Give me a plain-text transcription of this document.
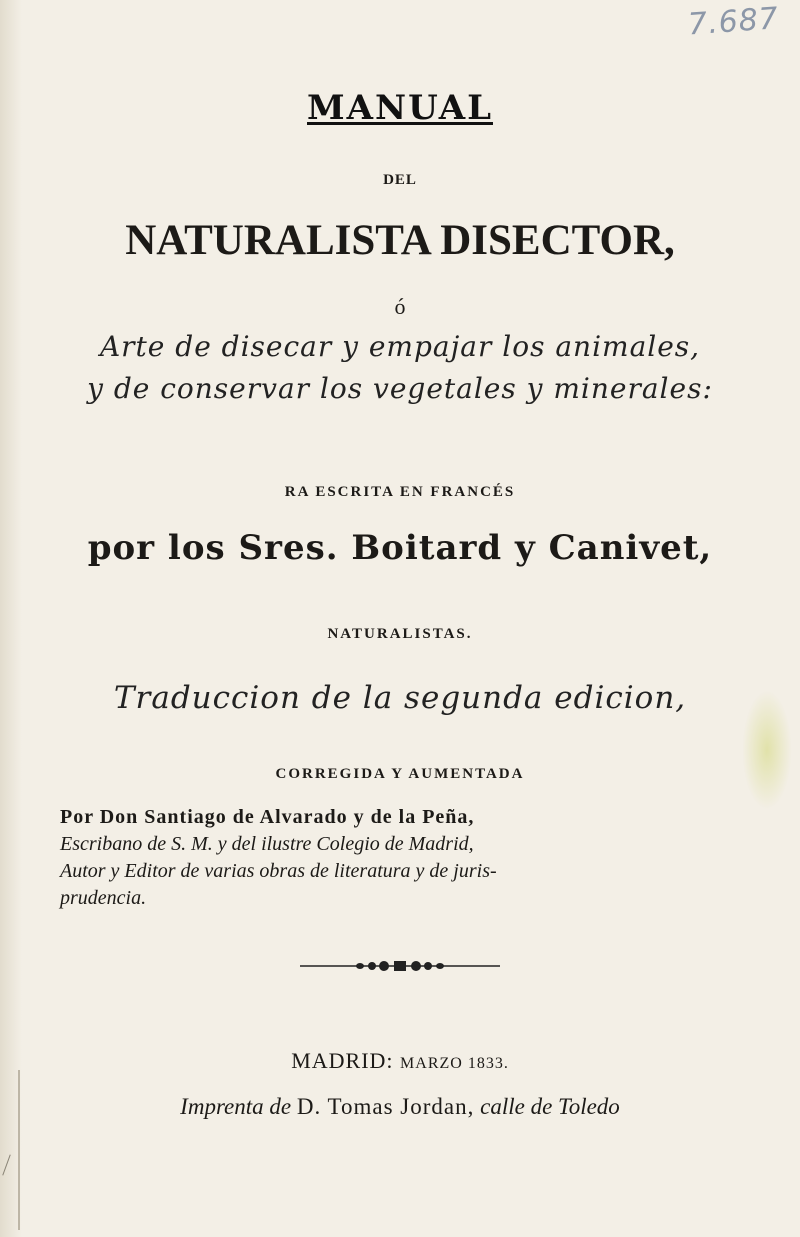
7.687
MANUAL
DEL
NATURALISTA DISECTOR,
ó
Arte de disecar y empajar los animales,
y de conservar los vegetales y minerales:
RA ESCRITA EN FRANCÉS
por los Sres. Boitard y Canivet,
NATURALISTAS.
Traduccion de la segunda edicion,
CORREGIDA Y AUMENTADA
Por Don Santiago de Alvarado y de la Peña,
Escribano de S. M. y del ilustre Colegio de Madrid,
Autor y Editor de varias obras de literatura y de juris-
prudencia.
MADRID: MARZO 1833.
Imprenta de D. Tomas Jordan, calle de Toledo
